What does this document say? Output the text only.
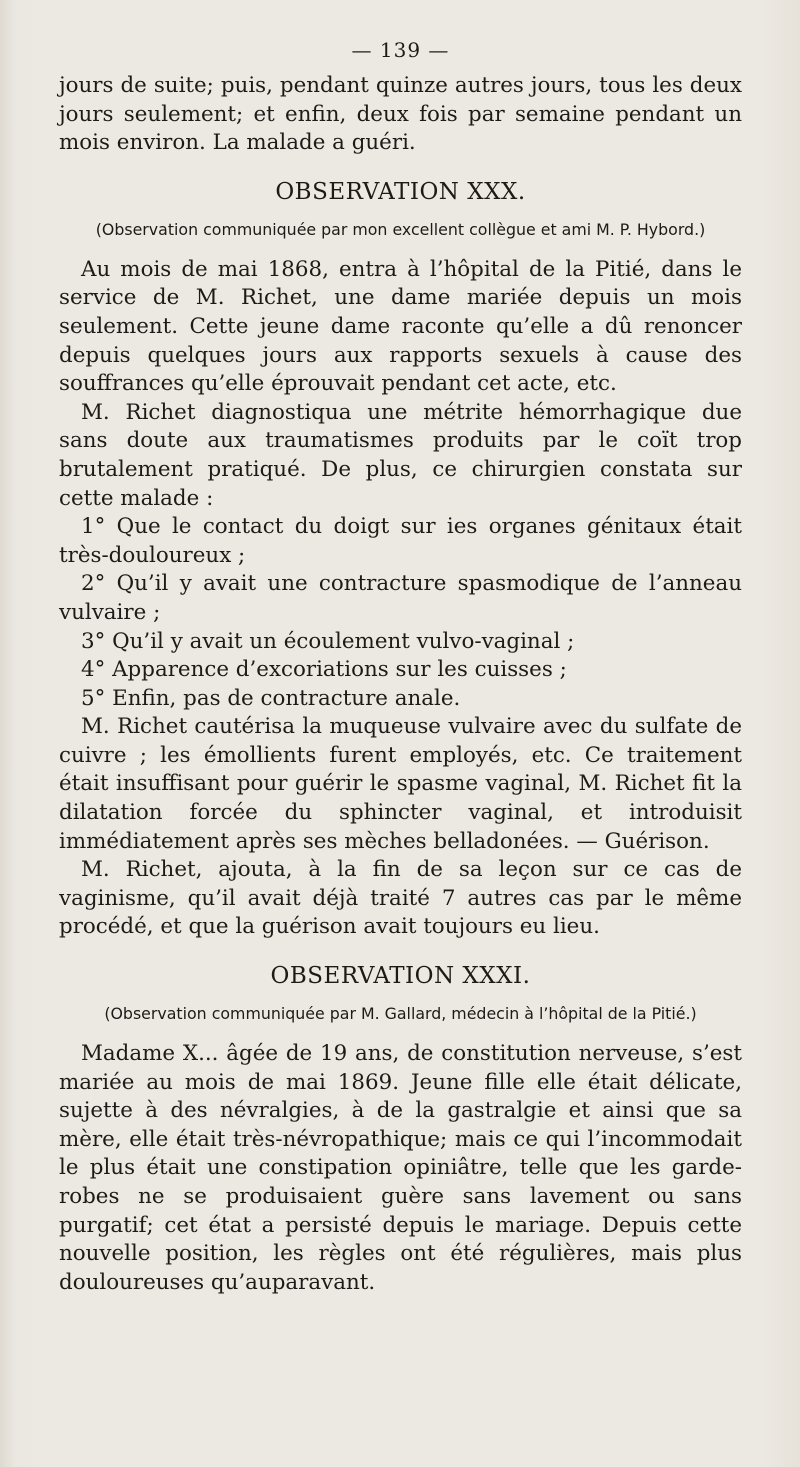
— 139 —

jours de suite; puis, pendant quinze autres jours, tous les deux jours seulement; et enfin, deux fois par semaine pendant un mois environ. La malade a guéri.

OBSERVATION XXX.
(Observation communiquée par mon excellent collègue et ami M. P. Hybord.)

Au mois de mai 1868, entra à l’hôpital de la Pitié, dans le service de M. Richet, une dame mariée depuis un mois seulement. Cette jeune dame raconte qu’elle a dû renoncer depuis quelques jours aux rapports sexuels à cause des souffrances qu’elle éprouvait pendant cet acte, etc.

M. Richet diagnostiqua une métrite hémorrhagique due sans doute aux traumatismes produits par le coït trop brutalement pratiqué. De plus, ce chirurgien constata sur cette malade :

1° Que le contact du doigt sur ies organes génitaux était très-douloureux ;

2° Qu’il y avait une contracture spasmodique de l’anneau vulvaire ;

3° Qu’il y avait un écoulement vulvo-vaginal ;

4° Apparence d’excoriations sur les cuisses ;

5° Enfin, pas de contracture anale.

M. Richet cautérisa la muqueuse vulvaire avec du sulfate de cuivre ; les émollients furent employés, etc. Ce traitement était insuffisant pour guérir le spasme vaginal, M. Richet fit la dilatation forcée du sphincter vaginal, et introduisit immédiatement après ses mèches belladonées. — Guérison.

M. Richet, ajouta, à la fin de sa leçon sur ce cas de vaginisme, qu’il avait déjà traité 7 autres cas par le même procédé, et que la guérison avait toujours eu lieu.

OBSERVATION XXXI.
(Observation communiquée par M. Gallard, médecin à l’hôpital de la Pitié.)

Madame X... âgée de 19 ans, de constitution nerveuse, s’est mariée au mois de mai 1869. Jeune fille elle était délicate, sujette à des névralgies, à de la gastralgie et ainsi que sa mère, elle était très-névropathique; mais ce qui l’incommodait le plus était une constipation opiniâtre, telle que les garde-robes ne se produisaient guère sans lavement ou sans purgatif; cet état a persisté depuis le mariage. Depuis cette nouvelle position, les règles ont été régulières, mais plus douloureuses qu’auparavant.
